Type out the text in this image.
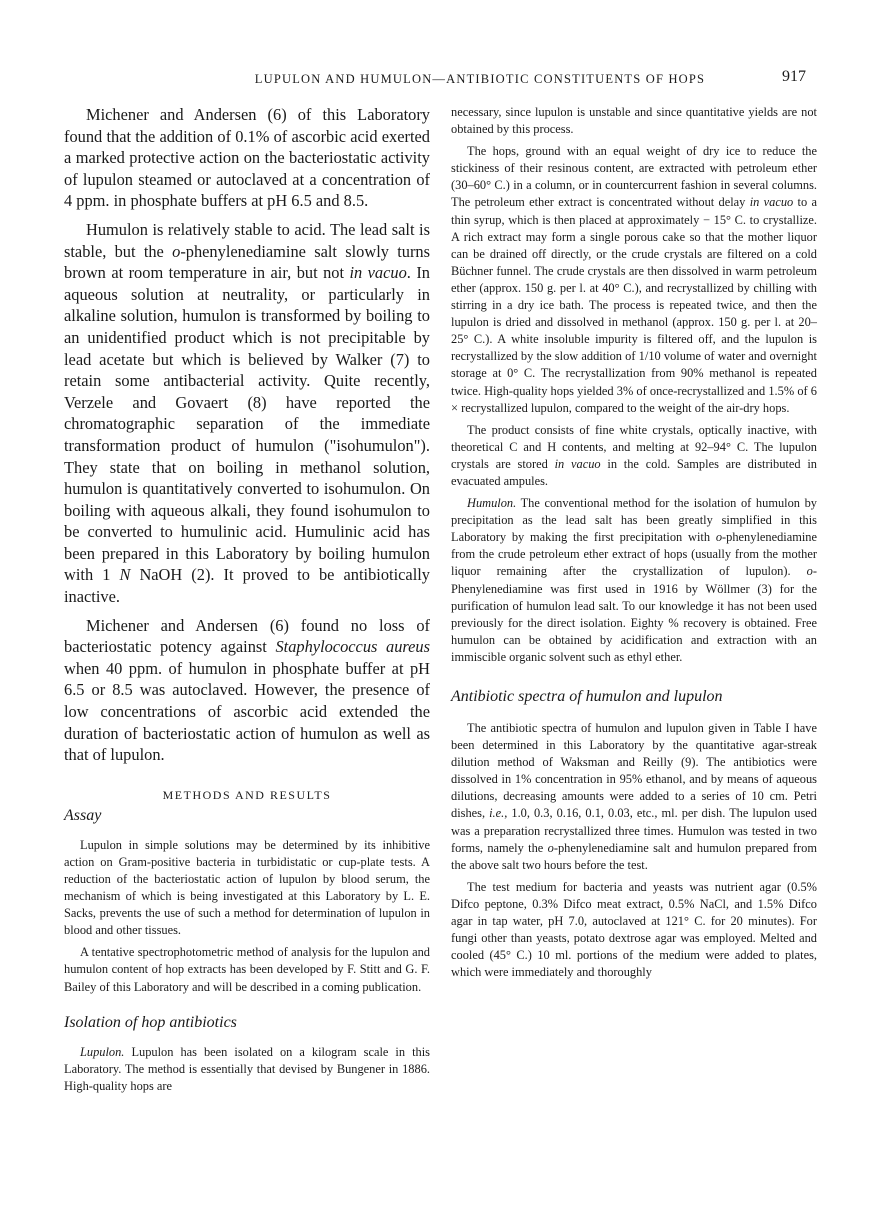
LUPULON AND HUMULON—ANTIBIOTIC CONSTITUENTS OF HOPS	917

Michener and Andersen (6) of this Laboratory found that the addition of 0.1% of ascorbic acid exerted a marked protective action on the bacteriostatic activity of lupulon steamed or autoclaved at a concentration of 4 ppm. in phosphate buffers at pH 6.5 and 8.5.

Humulon is relatively stable to acid. The lead salt is stable, but the o-phenylenediamine salt slowly turns brown at room temperature in air, but not in vacuo. In aqueous solution at neutrality, or particularly in alkaline solution, humulon is transformed by boiling to an unidentified product which is not precipitable by lead acetate but which is believed by Walker (7) to retain some antibacterial activity. Quite recently, Verzele and Govaert (8) have reported the chromatographic separation of the immediate transformation product of humulon ("isohumulon"). They state that on boiling in methanol solution, humulon is quantitatively converted to isohumulon. On boiling with aqueous alkali, they found isohumulon to be converted to humulinic acid. Humulinic acid has been prepared in this Laboratory by boiling humulon with 1 N NaOH (2). It proved to be antibiotically inactive.

Michener and Andersen (6) found no loss of bacteriostatic potency against Staphylococcus aureus when 40 ppm. of humulon in phosphate buffer at pH 6.5 or 8.5 was autoclaved. However, the presence of low concentrations of ascorbic acid extended the duration of bacteriostatic action of humulon as well as that of lupulon.

METHODS AND RESULTS
Assay

Lupulon in simple solutions may be determined by its inhibitive action on Gram-positive bacteria in turbidistatic or cup-plate tests. A reduction of the bacteriostatic action of lupulon by blood serum, the mechanism of which is being investigated at this Laboratory by L. E. Sacks, prevents the use of such a method for determination of lupulon in blood and other tissues.

A tentative spectrophotometric method of analysis for the lupulon and humulon content of hop extracts has been developed by F. Stitt and G. F. Bailey of this Laboratory and will be described in a coming publication.

Isolation of hop antibiotics

Lupulon. Lupulon has been isolated on a kilogram scale in this Laboratory. The method is essentially that devised by Bungener in 1886. High-quality hops are

necessary, since lupulon is unstable and since quantitative yields are not obtained by this process.

The hops, ground with an equal weight of dry ice to reduce the stickiness of their resinous content, are extracted with petroleum ether (30–60° C.) in a column, or in countercurrent fashion in several columns. The petroleum ether extract is concentrated without delay in vacuo to a thin syrup, which is then placed at approximately − 15° C. to crystallize. A rich extract may form a single porous cake so that the mother liquor can be drained off directly, or the crude crystals are filtered on a cold Büchner funnel. The crude crystals are then dissolved in warm petroleum ether (approx. 150 g. per l. at 40° C.), and recrystallized by chilling with stirring in a dry ice bath. The process is repeated twice, and then the lupulon is dried and dissolved in methanol (approx. 150 g. per l. at 20–25° C.). A white insoluble impurity is filtered off, and the lupulon is recrystallized by the slow addition of 1/10 volume of water and overnight storage at 0° C. The recrystallization from 90% methanol is repeated twice. High-quality hops yielded 3% of once-recrystallized and 1.5% of 6 × recrystallized lupulon, compared to the weight of the air-dry hops.

The product consists of fine white crystals, optically inactive, with theoretical C and H contents, and melting at 92–94° C. The lupulon crystals are stored in vacuo in the cold. Samples are distributed in evacuated ampules.

Humulon. The conventional method for the isolation of humulon by precipitation as the lead salt has been greatly simplified in this Laboratory by making the first precipitation with o-phenylenediamine from the crude petroleum ether extract of hops (usually from the mother liquor remaining after the crystallization of lupulon). o-Phenylenediamine was first used in 1916 by Wöllmer (3) for the purification of humulon lead salt. To our knowledge it has not been used previously for the direct isolation. Eighty % recovery is obtained. Free humulon can be obtained by acidification and extraction with an immiscible organic solvent such as ethyl ether.

Antibiotic spectra of humulon and lupulon

The antibiotic spectra of humulon and lupulon given in Table I have been determined in this Laboratory by the quantitative agar-streak dilution method of Waksman and Reilly (9). The antibiotics were dissolved in 1% concentration in 95% ethanol, and by means of aqueous dilutions, decreasing amounts were added to a series of 10 cm. Petri dishes, i.e., 1.0, 0.3, 0.16, 0.1, 0.03, etc., ml. per dish. The lupulon used was a preparation recrystallized three times. Humulon was tested in two forms, namely the o-phenylenediamine salt and humulon prepared from the above salt two hours before the test.

The test medium for bacteria and yeasts was nutrient agar (0.5% Difco peptone, 0.3% Difco meat extract, 0.5% NaCl, and 1.5% Difco agar in tap water, pH 7.0, autoclaved at 121° C. for 20 minutes). For fungi other than yeasts, potato dextrose agar was employed. Melted and cooled (45° C.) 10 ml. portions of the medium were added to plates, which were immediately and thoroughly
